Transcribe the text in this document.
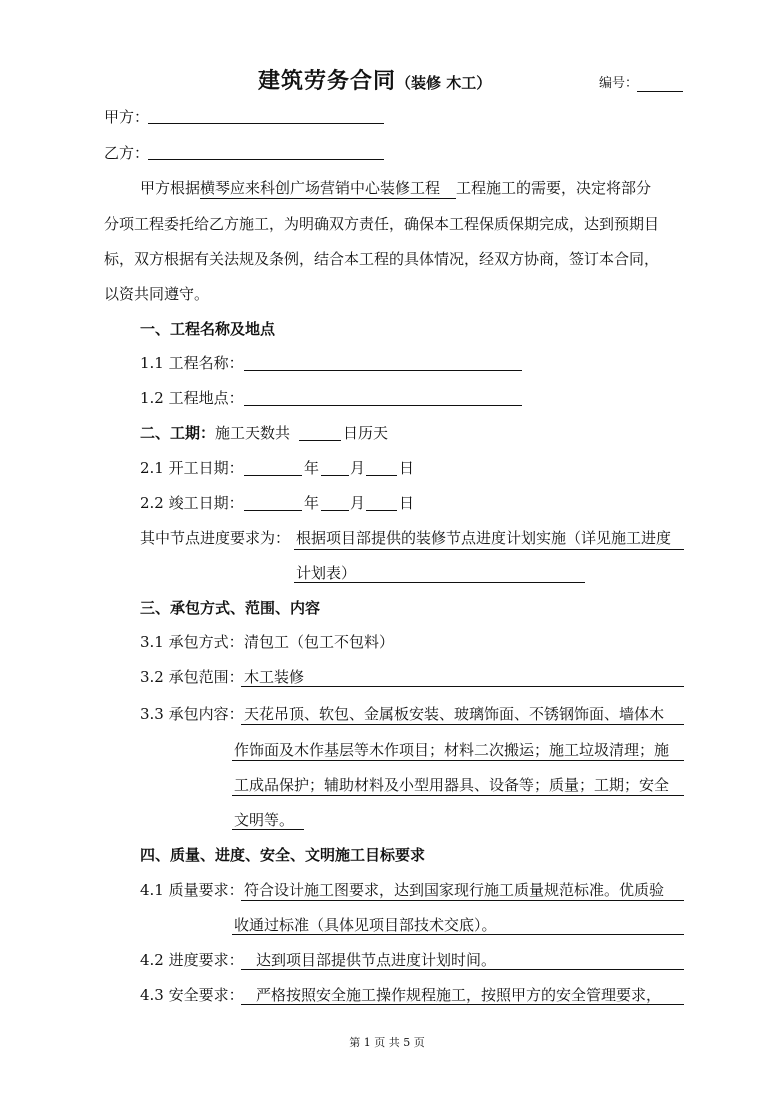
建筑劳务合同（装修 木工）	编号：
甲方：
乙方：
甲方根据横琴应来科创广场营销中心装修工程 工程施工的需要，决定将部分
分项工程委托给乙方施工，为明确双方责任，确保本工程保质保期完成，达到预期目
标，双方根据有关法规及条例，结合本工程的具体情况，经双方协商，签订本合同，
以资共同遵守。
一、工程名称及地点
1.1 工程名称：
1.2 工程地点：
二、工期：施工天数共	日历天
2.1 开工日期：	年 月 日
2.2 竣工日期：	年 月 日
其中节点进度要求为： 根据项目部提供的装修节点进度计划实施（详见施工进度
计划表）
三、承包方式、范围、内容
3.1 承包方式： 清包工（包工不包料）
3.2 承包范围： 木工装修
3.3 承包内容： 天花吊顶、软包、金属板安装、玻璃饰面、不锈钢饰面、墙体木
作饰面及木作基层等木作项目；材料二次搬运；施工垃圾清理；施
工成品保护；辅助材料及小型用器具、设备等；质量；工期；安全
文明等。
四、质量、进度、安全、文明施工目标要求
4.1 质量要求： 符合设计施工图要求，达到国家现行施工质量规范标准。优质验
收通过标准（具体见项目部技术交底）。
4.2 进度要求： 达到项目部提供节点进度计划时间。
4.3 安全要求： 严格按照安全施工操作规程施工，按照甲方的安全管理要求，
第 1 页 共 5 页
